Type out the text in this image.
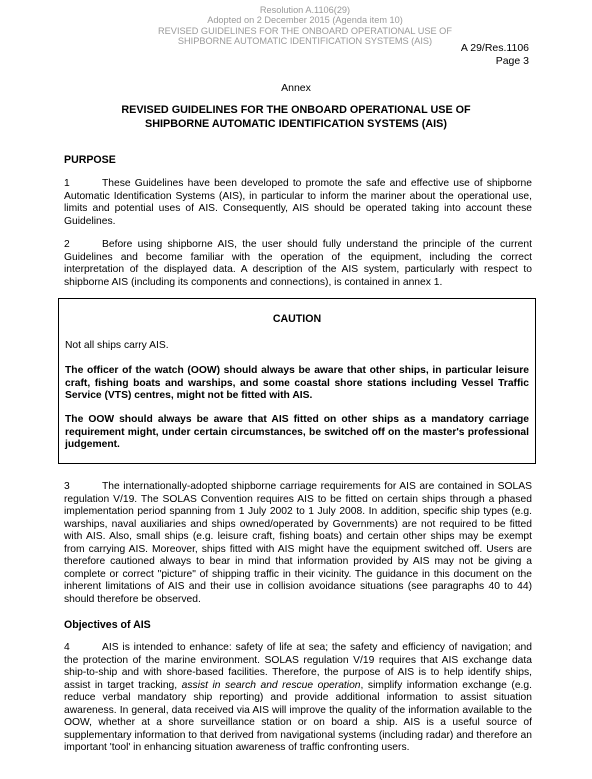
Resolution A.1106(29)
Adopted on 2 December 2015 (Agenda item 10)
REVISED GUIDELINES FOR THE ONBOARD OPERATIONAL USE OF
SHIPBORNE AUTOMATIC IDENTIFICATION SYSTEMS (AIS)
A 29/Res.1106
Page 3
Annex
REVISED GUIDELINES FOR THE ONBOARD OPERATIONAL USE OF
SHIPBORNE AUTOMATIC IDENTIFICATION SYSTEMS (AIS)
PURPOSE

1	These Guidelines have been developed to promote the safe and effective use of shipborne Automatic Identification Systems (AIS), in particular to inform the mariner about the operational use, limits and potential uses of AIS. Consequently, AIS should be operated taking into account these Guidelines.

2	Before using shipborne AIS, the user should fully understand the principle of the current Guidelines and become familiar with the operation of the equipment, including the correct interpretation of the displayed data. A description of the AIS system, particularly with respect to shipborne AIS (including its components and connections), is contained in annex 1.

CAUTION

Not all ships carry AIS.

The officer of the watch (OOW) should always be aware that other ships, in particular leisure craft, fishing boats and warships, and some coastal shore stations including Vessel Traffic Service (VTS) centres, might not be fitted with AIS.

The OOW should always be aware that AIS fitted on other ships as a mandatory carriage requirement might, under certain circumstances, be switched off on the master's professional judgement.

3	The internationally-adopted shipborne carriage requirements for AIS are contained in SOLAS regulation V/19. The SOLAS Convention requires AIS to be fitted on certain ships through a phased implementation period spanning from 1 July 2002 to 1 July 2008. In addition, specific ship types (e.g. warships, naval auxiliaries and ships owned/operated by Governments) are not required to be fitted with AIS. Also, small ships (e.g. leisure craft, fishing boats) and certain other ships may be exempt from carrying AIS. Moreover, ships fitted with AIS might have the equipment switched off. Users are therefore cautioned always to bear in mind that information provided by AIS may not be giving a complete or correct "picture" of shipping traffic in their vicinity. The guidance in this document on the inherent limitations of AIS and their use in collision avoidance situations (see paragraphs 40 to 44) should therefore be observed.

Objectives of AIS

4	AIS is intended to enhance: safety of life at sea; the safety and efficiency of navigation; and the protection of the marine environment. SOLAS regulation V/19 requires that AIS exchange data ship-to-ship and with shore-based facilities. Therefore, the purpose of AIS is to help identify ships, assist in target tracking, assist in search and rescue operation, simplify information exchange (e.g. reduce verbal mandatory ship reporting) and provide additional information to assist situation awareness. In general, data received via AIS will improve the quality of the information available to the OOW, whether at a shore surveillance station or on board a ship. AIS is a useful source of supplementary information to that derived from navigational systems (including radar) and therefore an important 'tool' in enhancing situation awareness of traffic confronting users.
